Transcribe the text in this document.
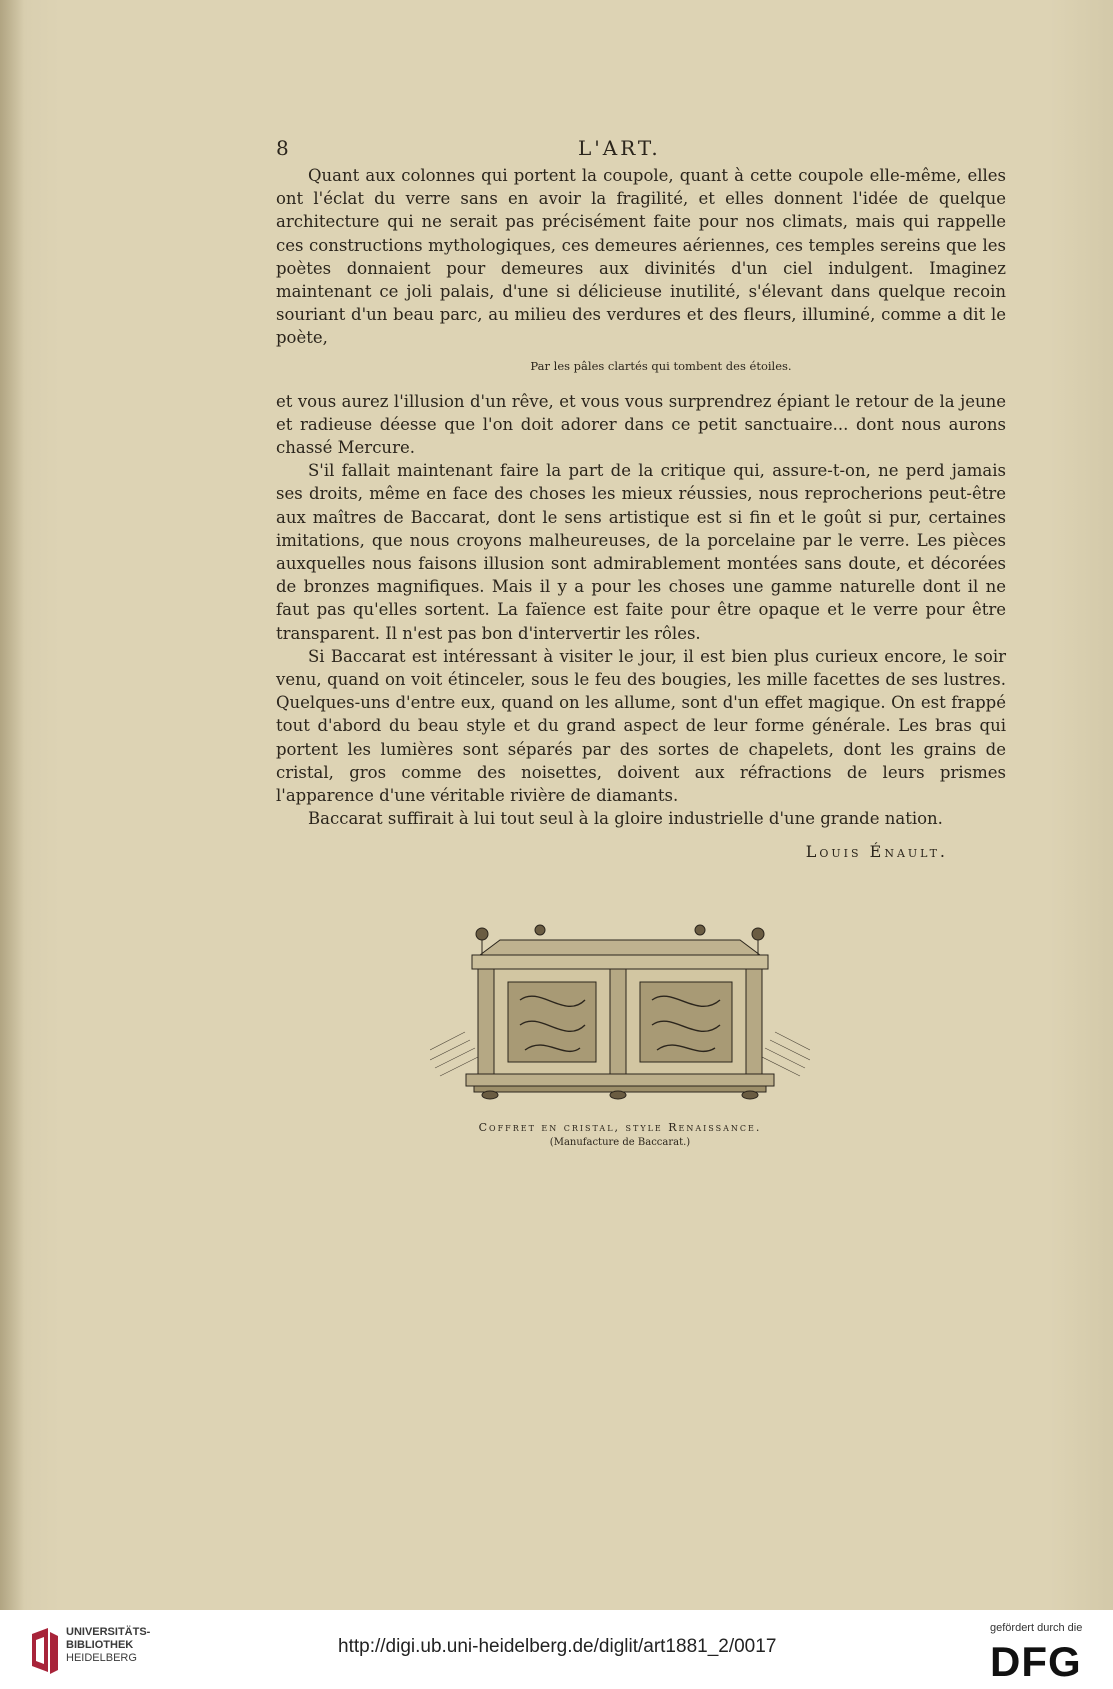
8	L'ART.

Quant aux colonnes qui portent la coupole, quant à cette coupole elle-même, elles ont l'éclat du verre sans en avoir la fragilité, et elles donnent l'idée de quelque architecture qui ne serait pas précisément faite pour nos climats, mais qui rappelle ces constructions mythologiques, ces demeures aériennes, ces temples sereins que les poètes donnaient pour demeures aux divinités d'un ciel indulgent. Imaginez maintenant ce joli palais, d'une si délicieuse inutilité, s'élevant dans quelque recoin souriant d'un beau parc, au milieu des verdures et des fleurs, illuminé, comme a dit le poète,

Par les pâles clartés qui tombent des étoiles.

et vous aurez l'illusion d'un rêve, et vous vous surprendrez épiant le retour de la jeune et radieuse déesse que l'on doit adorer dans ce petit sanctuaire... dont nous aurons chassé Mercure.

S'il fallait maintenant faire la part de la critique qui, assure-t-on, ne perd jamais ses droits, même en face des choses les mieux réussies, nous reprocherions peut-être aux maîtres de Baccarat, dont le sens artistique est si fin et le goût si pur, certaines imitations, que nous croyons malheureuses, de la porcelaine par le verre. Les pièces auxquelles nous faisons illusion sont admirablement montées sans doute, et décorées de bronzes magnifiques. Mais il y a pour les choses une gamme naturelle dont il ne faut pas qu'elles sortent. La faïence est faite pour être opaque et le verre pour être transparent. Il n'est pas bon d'intervertir les rôles.

Si Baccarat est intéressant à visiter le jour, il est bien plus curieux encore, le soir venu, quand on voit étinceler, sous le feu des bougies, les mille facettes de ses lustres. Quelques-uns d'entre eux, quand on les allume, sont d'un effet magique. On est frappé tout d'abord du beau style et du grand aspect de leur forme générale. Les bras qui portent les lumières sont séparés par des sortes de chapelets, dont les grains de cristal, gros comme des noisettes, doivent aux réfractions de leurs prismes l'apparence d'une véritable rivière de diamants.

Baccarat suffirait à lui tout seul à la gloire industrielle d'une grande nation.

Louis Énault.
Coffret en cristal, style Renaissance.
(Manufacture de Baccarat.)
UNIVERSITÄTS-
BIBLIOTHEK
HEIDELBERG
http://digi.ub.uni-heidelberg.de/diglit/art1881_2/0017
gefördert durch die
DFG
